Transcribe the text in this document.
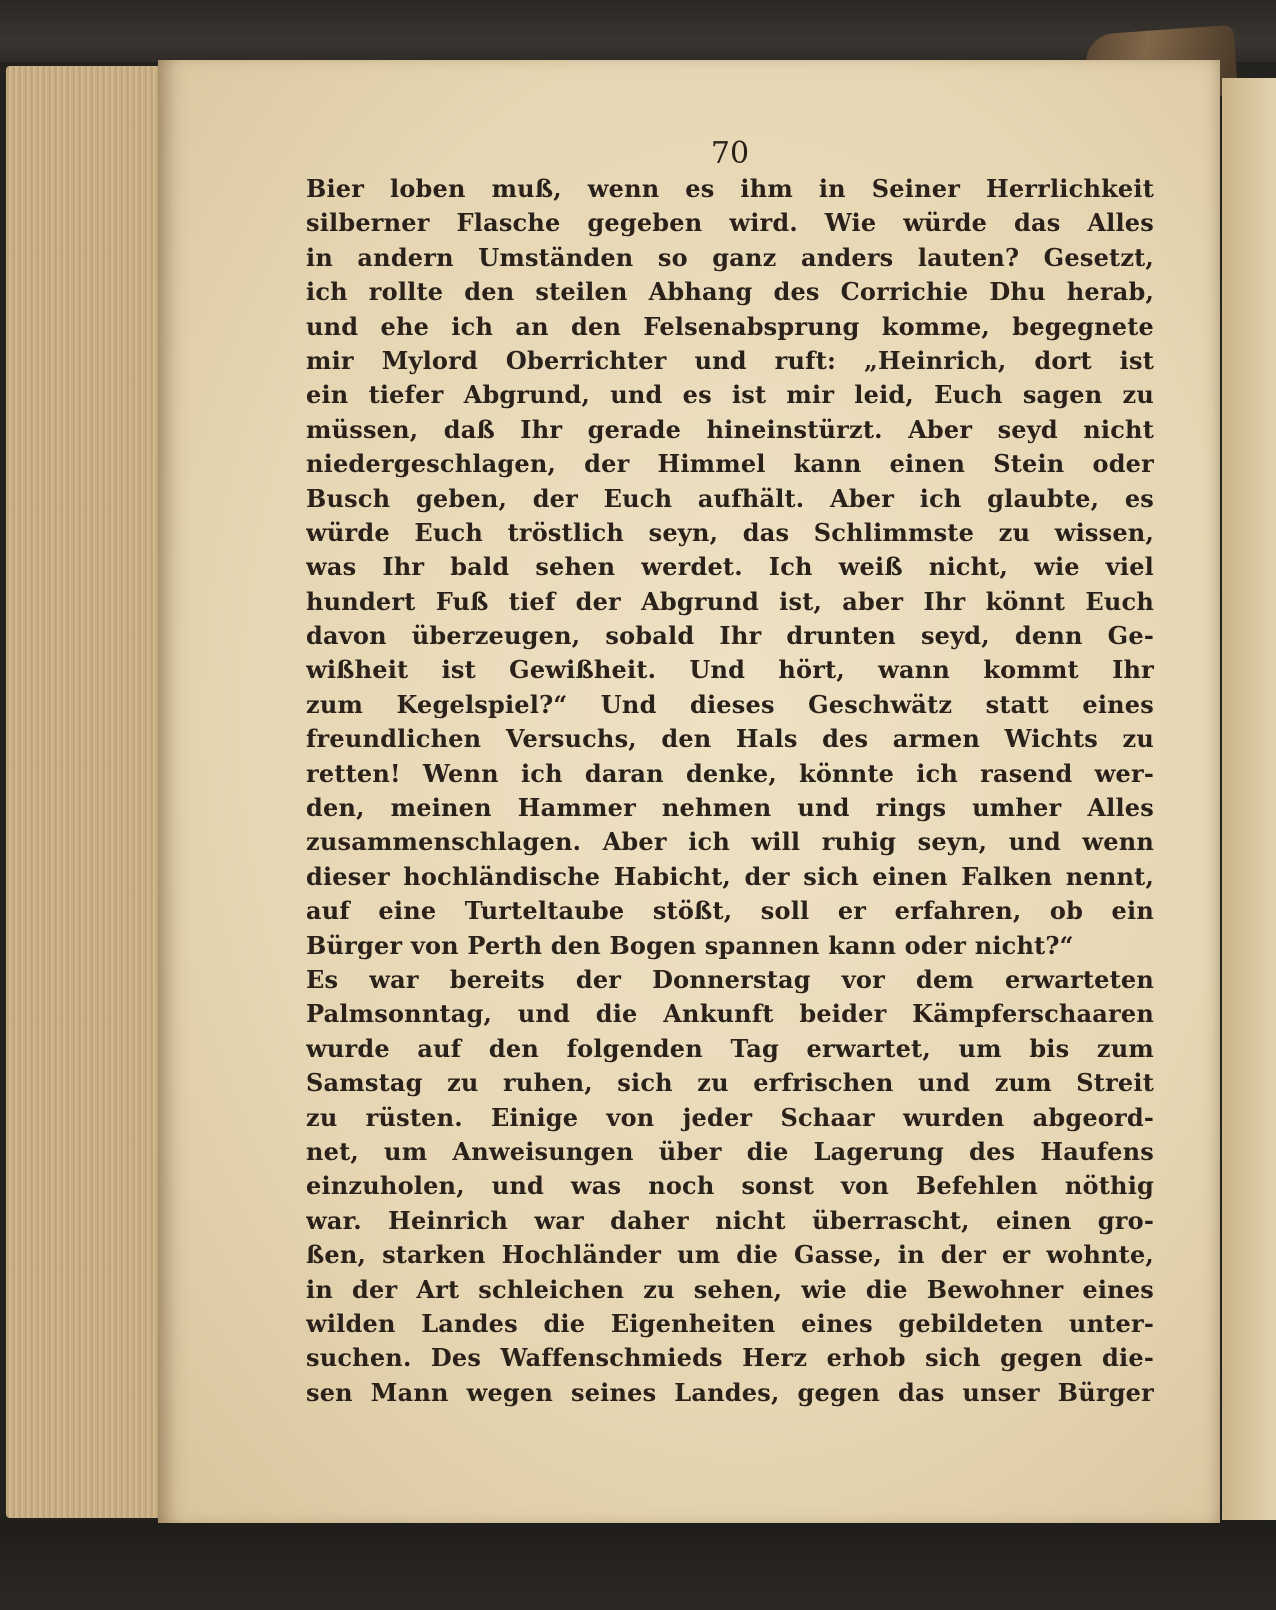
70
Bier loben muß, wenn es ihm in Seiner Herrlichkeit
silberner Flasche gegeben wird. Wie würde das Alles
in andern Umständen so ganz anders lauten? Gesetzt,
ich rollte den steilen Abhang des Corrichie Dhu herab,
und ehe ich an den Felsenabsprung komme, begegnete
mir Mylord Oberrichter und ruft: „Heinrich, dort ist
ein tiefer Abgrund, und es ist mir leid, Euch sagen zu
müssen, daß Ihr gerade hineinstürzt. Aber seyd nicht
niedergeschlagen, der Himmel kann einen Stein oder
Busch geben, der Euch aufhält. Aber ich glaubte, es
würde Euch tröstlich seyn, das Schlimmste zu wissen,
was Ihr bald sehen werdet. Ich weiß nicht, wie viel
hundert Fuß tief der Abgrund ist, aber Ihr könnt Euch
davon überzeugen, sobald Ihr drunten seyd, denn Ge-
wißheit ist Gewißheit. Und hört, wann kommt Ihr
zum Kegelspiel?“ Und dieses Geschwätz statt eines
freundlichen Versuchs, den Hals des armen Wichts zu
retten! Wenn ich daran denke, könnte ich rasend wer-
den, meinen Hammer nehmen und rings umher Alles
zusammenschlagen. Aber ich will ruhig seyn, und wenn
dieser hochländische Habicht, der sich einen Falken nennt,
auf eine Turteltaube stößt, soll er erfahren, ob ein
Bürger von Perth den Bogen spannen kann oder nicht?“
Es war bereits der Donnerstag vor dem erwarteten
Palmsonntag, und die Ankunft beider Kämpferschaaren
wurde auf den folgenden Tag erwartet, um bis zum
Samstag zu ruhen, sich zu erfrischen und zum Streit
zu rüsten. Einige von jeder Schaar wurden abgeord-
net, um Anweisungen über die Lagerung des Haufens
einzuholen, und was noch sonst von Befehlen nöthig
war. Heinrich war daher nicht überrascht, einen gro-
ßen, starken Hochländer um die Gasse, in der er wohnte,
in der Art schleichen zu sehen, wie die Bewohner eines
wilden Landes die Eigenheiten eines gebildeten unter-
suchen. Des Waffenschmieds Herz erhob sich gegen die-
sen Mann wegen seines Landes, gegen das unser Bürger
